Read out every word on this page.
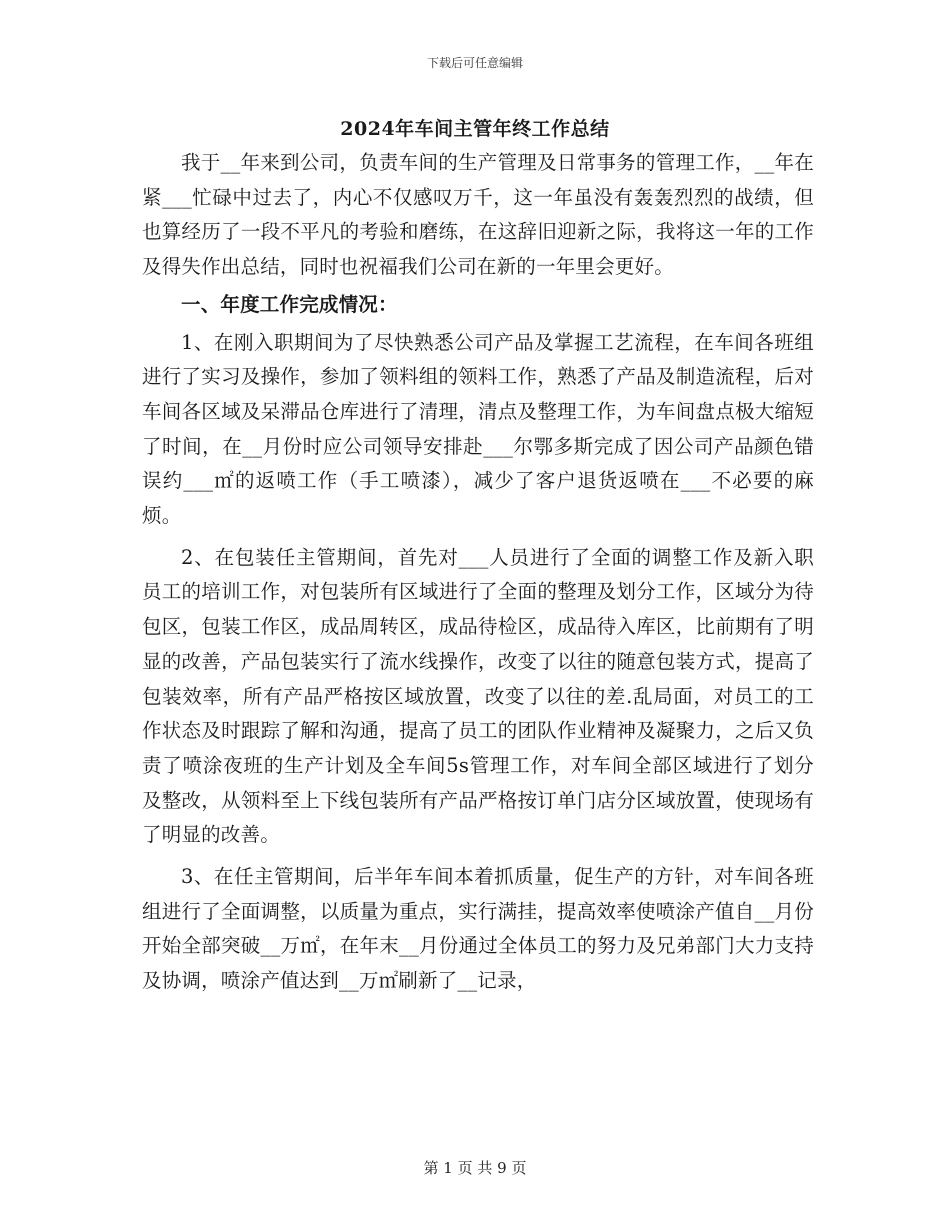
下载后可任意编辑
2024年车间主管年终工作总结

我于__年来到公司，负责车间的生产管理及日常事务的管理工作，__年在紧___忙碌中过去了，内心不仅感叹万千，这一年虽没有轰轰烈烈的战绩，但也算经历了一段不平凡的考验和磨练，在这辞旧迎新之际，我将这一年的工作及得失作出总结，同时也祝福我们公司在新的一年里会更好。

一、年度工作完成情况：

1、在刚入职期间为了尽快熟悉公司产品及掌握工艺流程，在车间各班组进行了实习及操作，参加了领料组的领料工作，熟悉了产品及制造流程，后对车间各区域及呆滞品仓库进行了清理，清点及整理工作，为车间盘点极大缩短了时间，在__月份时应公司领导安排赴___尔鄂多斯完成了因公司产品颜色错误约___㎡的返喷工作（手工喷漆），减少了客户退货返喷在___不必要的麻烦。

2、在包装任主管期间，首先对___人员进行了全面的调整工作及新入职员工的培训工作，对包装所有区域进行了全面的整理及划分工作，区域分为待包区，包装工作区，成品周转区，成品待检区，成品待入库区，比前期有了明显的改善，产品包装实行了流水线操作，改变了以往的随意包装方式，提高了包装效率，所有产品严格按区域放置，改变了以往的差.乱局面，对员工的工作状态及时跟踪了解和沟通，提高了员工的团队作业精神及凝聚力，之后又负责了喷涂夜班的生产计划及全车间5s管理工作，对车间全部区域进行了划分及整改，从领料至上下线包装所有产品严格按订单门店分区域放置，使现场有了明显的改善。

3、在任主管期间，后半年车间本着抓质量，促生产的方针，对车间各班组进行了全面调整，以质量为重点，实行满挂，提高效率使喷涂产值自__月份开始全部突破__万㎡，在年末__月份通过全体员工的努力及兄弟部门大力支持及协调，喷涂产值达到__万㎡刷新了__记录，

第 1 页 共 9 页
